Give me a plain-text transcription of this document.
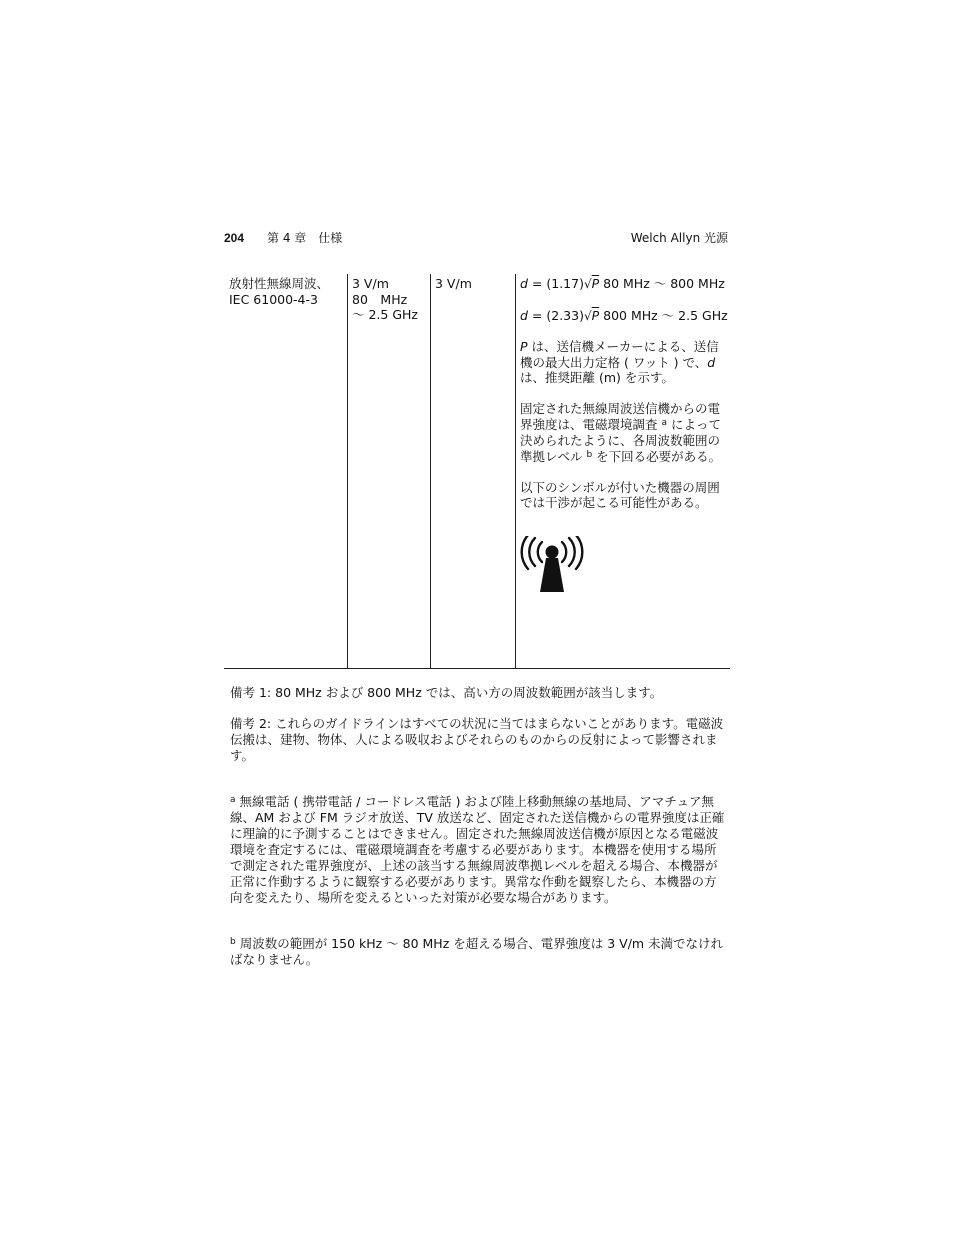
204 第 4 章　仕様	Welch Allyn 光源
放射性無線周波、IEC 61000-4-3
3 V/m
80　MHz　～ 2.5 GHz
3 V/m	d = (1.17)√P 80 MHz ～ 800 MHz
d = (2.33)√P 800 MHz ～ 2.5 GHz

P は、送信機メーカーによる、送信機の最大出力定格 ( ワット ) で、d は、推奨距離 (m) を示す。

固定された無線周波送信機からの電界強度は、電磁環境調査 $^a$ によって決められたように、各周波数範囲の準拠レベル $^b$ を下回る必要がある。

以下のシンボルが付いた機器の周囲では干渉が起こる可能性がある。

備考 1: 80 MHz および 800 MHz では、高い方の周波数範囲が該当します。
備考 2: これらのガイドラインはすべての状況に当てはまらないことがあります。電磁波伝搬は、建物、物体、人による吸収およびそれらのものからの反射によって影響されます。
$^a$ 無線電話 ( 携帯電話 / コードレス電話 ) および陸上移動無線の基地局、アマチュア無線、AM および FM ラジオ放送、TV 放送など、固定された送信機からの電界強度は正確に理論的に予測することはできません。固定された無線周波送信機が原因となる電磁波環境を査定するには、電磁環境調査を考慮する必要があります。本機器を使用する場所で測定された電界強度が、上述の該当する無線周波準拠レベルを超える場合、本機器が正常に作動するように観察する必要があります。異常な作動を観察したら、本機器の方向を変えたり、場所を変えるといった対策が必要な場合があります。
$^b$ 周波数の範囲が 150 kHz ～ 80 MHz を超える場合、電界強度は 3 V/m 未満でなければなりません。
